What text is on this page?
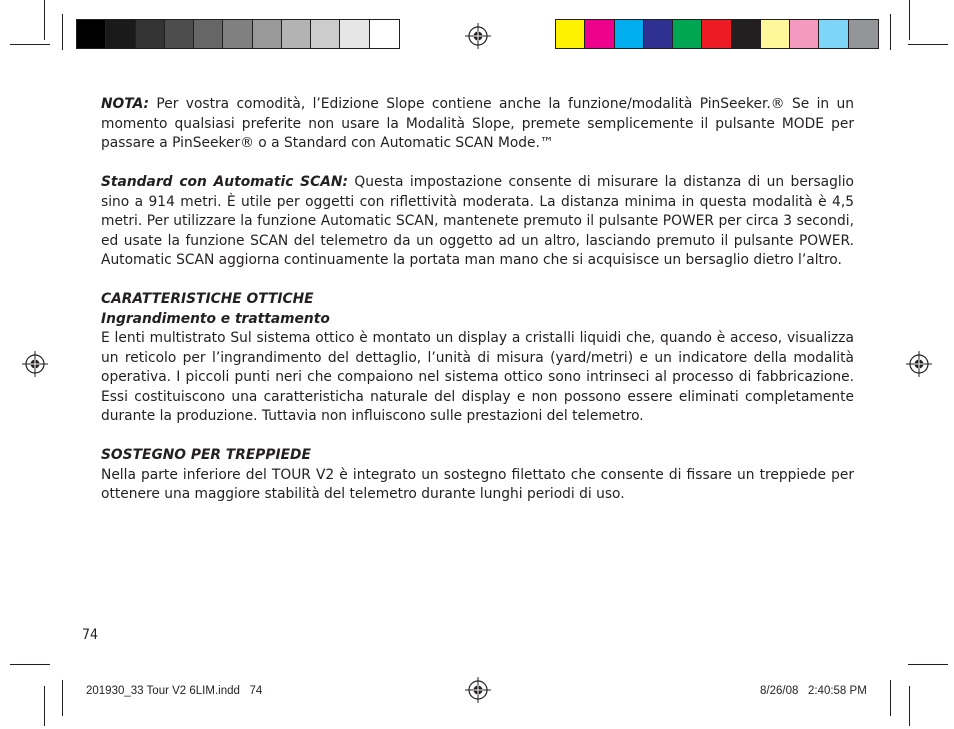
NOTA: Per vostra comodità, l’Edizione Slope contiene anche la funzione/modalità PinSeeker.® Se in un momento qualsiasi preferite non usare la Modalità Slope, premete semplicemente il pulsante MODE per passare a PinSeeker® o a Standard con Automatic SCAN Mode.™

Standard con Automatic SCAN: Questa impostazione consente di misurare la distanza di un bersaglio sino a 914 metri. È utile per oggetti con riflettività moderata. La distanza minima in questa modalità è 4,5 metri. Per utilizzare la funzione Automatic SCAN, mantenete premuto il pulsante POWER per circa 3 secondi, ed usate la funzione SCAN del telemetro da un oggetto ad un altro, lasciando premuto il pulsante POWER. Automatic SCAN aggiorna continuamente la portata man mano che si acquisisce un bersaglio dietro l’altro.

CARATTERISTICHE OTTICHE

Ingrandimento e trattamento

E lenti multistrato Sul sistema ottico è montato un display a cristalli liquidi che, quando è acceso, visualizza un reticolo per l’ingrandimento del dettaglio, l’unità di misura (yard/metri) e un indicatore della modalità operativa. I piccoli punti neri che compaiono nel sistema ottico sono intrinseci al processo di fabbricazione. Essi costituiscono una caratteristicha naturale del display e non possono essere eliminati completamente durante la produzione. Tuttavia non influiscono sulle prestazioni del telemetro.

SOSTEGNO PER TREPPIEDE

Nella parte inferiore del TOUR V2 è integrato un sostegno filettato che consente di fissare un treppiede per ottenere una maggiore stabilità del telemetro durante lunghi periodi di uso.

74
201930_33 Tour V2 6LIM.indd   74	8/26/08   2:40:58 PM
